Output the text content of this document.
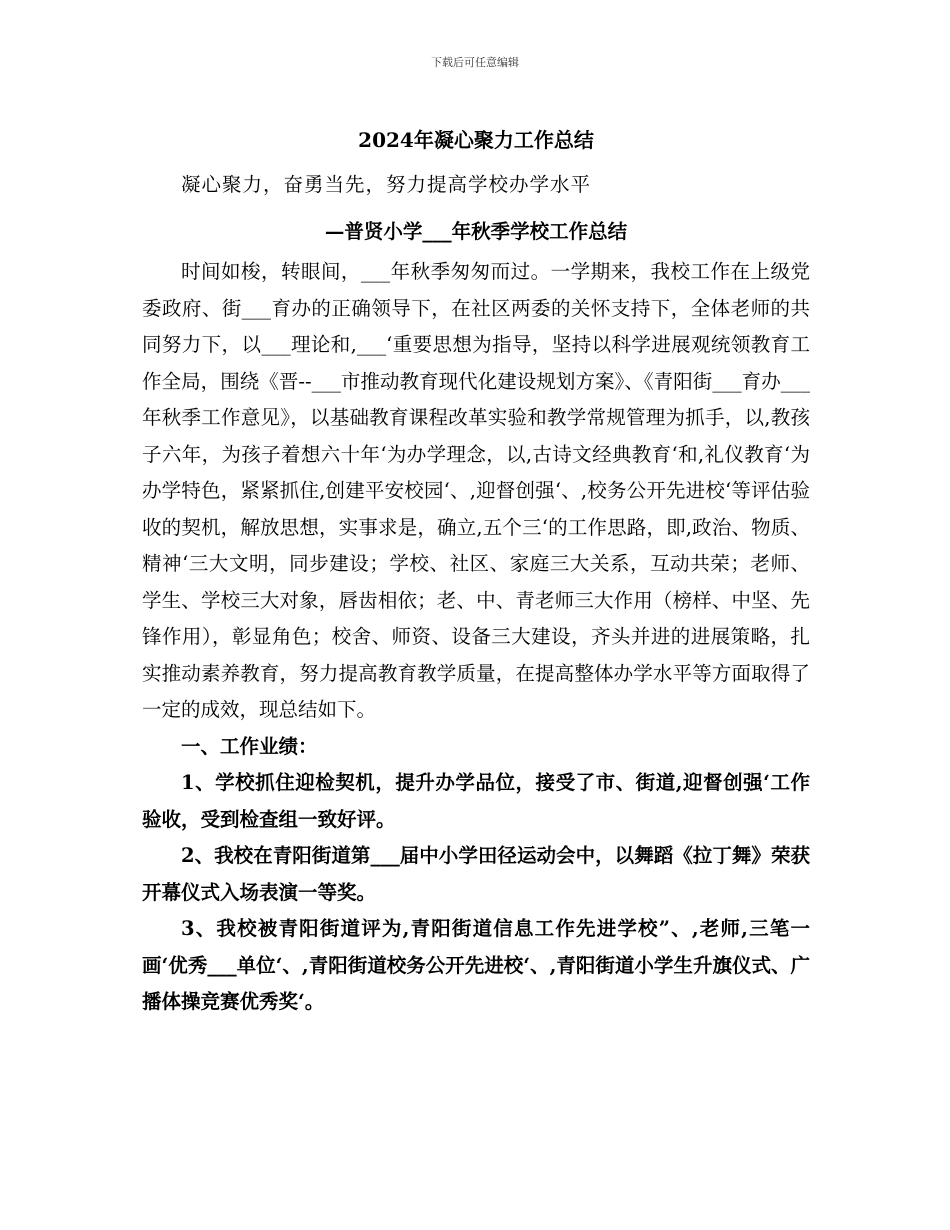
下载后可任意编辑

2024年凝心聚力工作总结

凝心聚力，奋勇当先，努力提高学校办学水平

—普贤小学___年秋季学校工作总结

时间如梭，转眼间，___年秋季匆匆而过。一学期来，我校工作在上级党委政府、街___育办的正确领导下，在社区两委的关怀支持下，全体老师的共同努力下，以___理论和,___‘重要思想为指导，坚持以科学进展观统领教育工作全局，围绕《晋--___市推动教育现代化建设规划方案》、《青阳街___育办___年秋季工作意见》，以基础教育课程改革实验和教学常规管理为抓手，以,教孩子六年，为孩子着想六十年‘为办学理念，以,古诗文经典教育‘和,礼仪教育‘为办学特色，紧紧抓住,创建平安校园‘、,迎督创强‘、,校务公开先进校‘等评估验收的契机，解放思想，实事求是，确立,五个三‘的工作思路，即,政治、物质、精神‘三大文明，同步建设；学校、社区、家庭三大关系，互动共荣；老师、学生、学校三大对象，唇齿相依；老、中、青老师三大作用（榜样、中坚、先锋作用），彰显角色；校舍、师资、设备三大建设，齐头并进的进展策略，扎实推动素养教育，努力提高教育教学质量，在提高整体办学水平等方面取得了一定的成效，现总结如下。

一、工作业绩：

1、学校抓住迎检契机，提升办学品位，接受了市、街道,迎督创强‘工作验收，受到检查组一致好评。

2、我校在青阳街道第___届中小学田径运动会中，以舞蹈《拉丁舞》荣获开幕仪式入场表演一等奖。

3、我校被青阳街道评为,青阳街道信息工作先进学校”、,老师,三笔一画‘优秀___单位‘、,青阳街道校务公开先进校‘、,青阳街道小学生升旗仪式、广播体操竞赛优秀奖‘。
